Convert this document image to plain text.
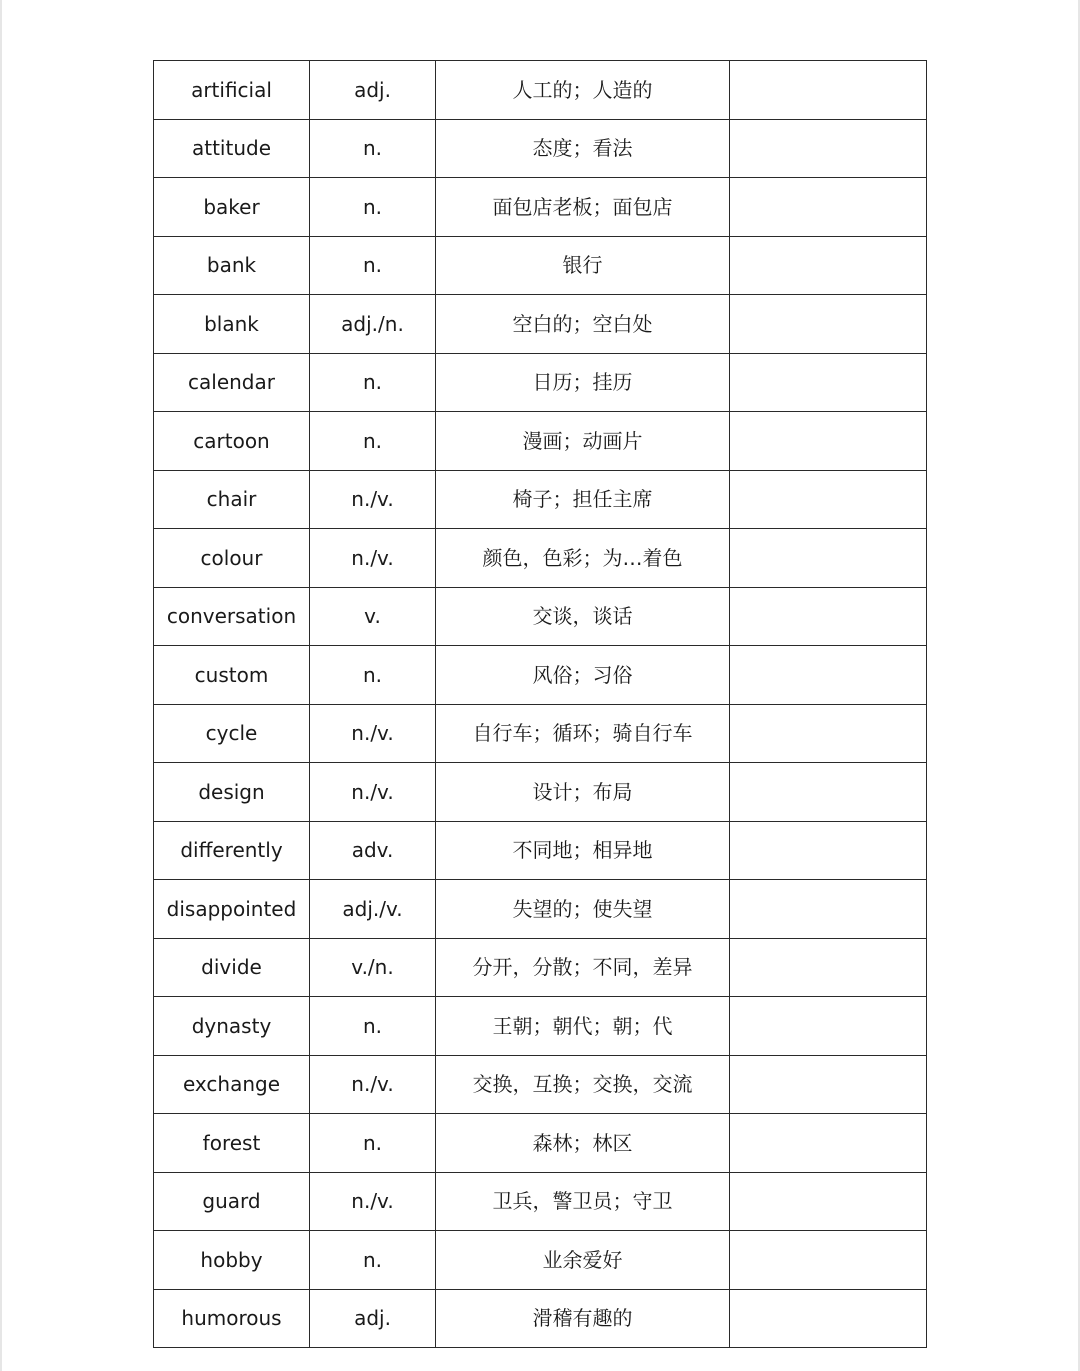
artificial	adj.	人工的；人造的	
attitude	n.	态度；看法	
baker	n.	面包店老板；面包店	
bank	n.	银行	
blank	adj./n.	空白的；空白处	
calendar	n.	日历；挂历	
cartoon	n.	漫画；动画片	
chair	n./v.	椅子；担任主席	
colour	n./v.	颜色，色彩；为…着色	
conversation	v.	交谈，谈话	
custom	n.	风俗；习俗	
cycle	n./v.	自行车；循环；骑自行车	
design	n./v.	设计；布局	
differently	adv.	不同地；相异地	
disappointed	adj./v.	失望的；使失望	
divide	v./n.	分开，分散；不同，差异	
dynasty	n.	王朝；朝代；朝；代	
exchange	n./v.	交换，互换；交换，交流	
forest	n.	森林；林区	
guard	n./v.	卫兵，警卫员；守卫	
hobby	n.	业余爱好	
humorous	adj.	滑稽有趣的	
